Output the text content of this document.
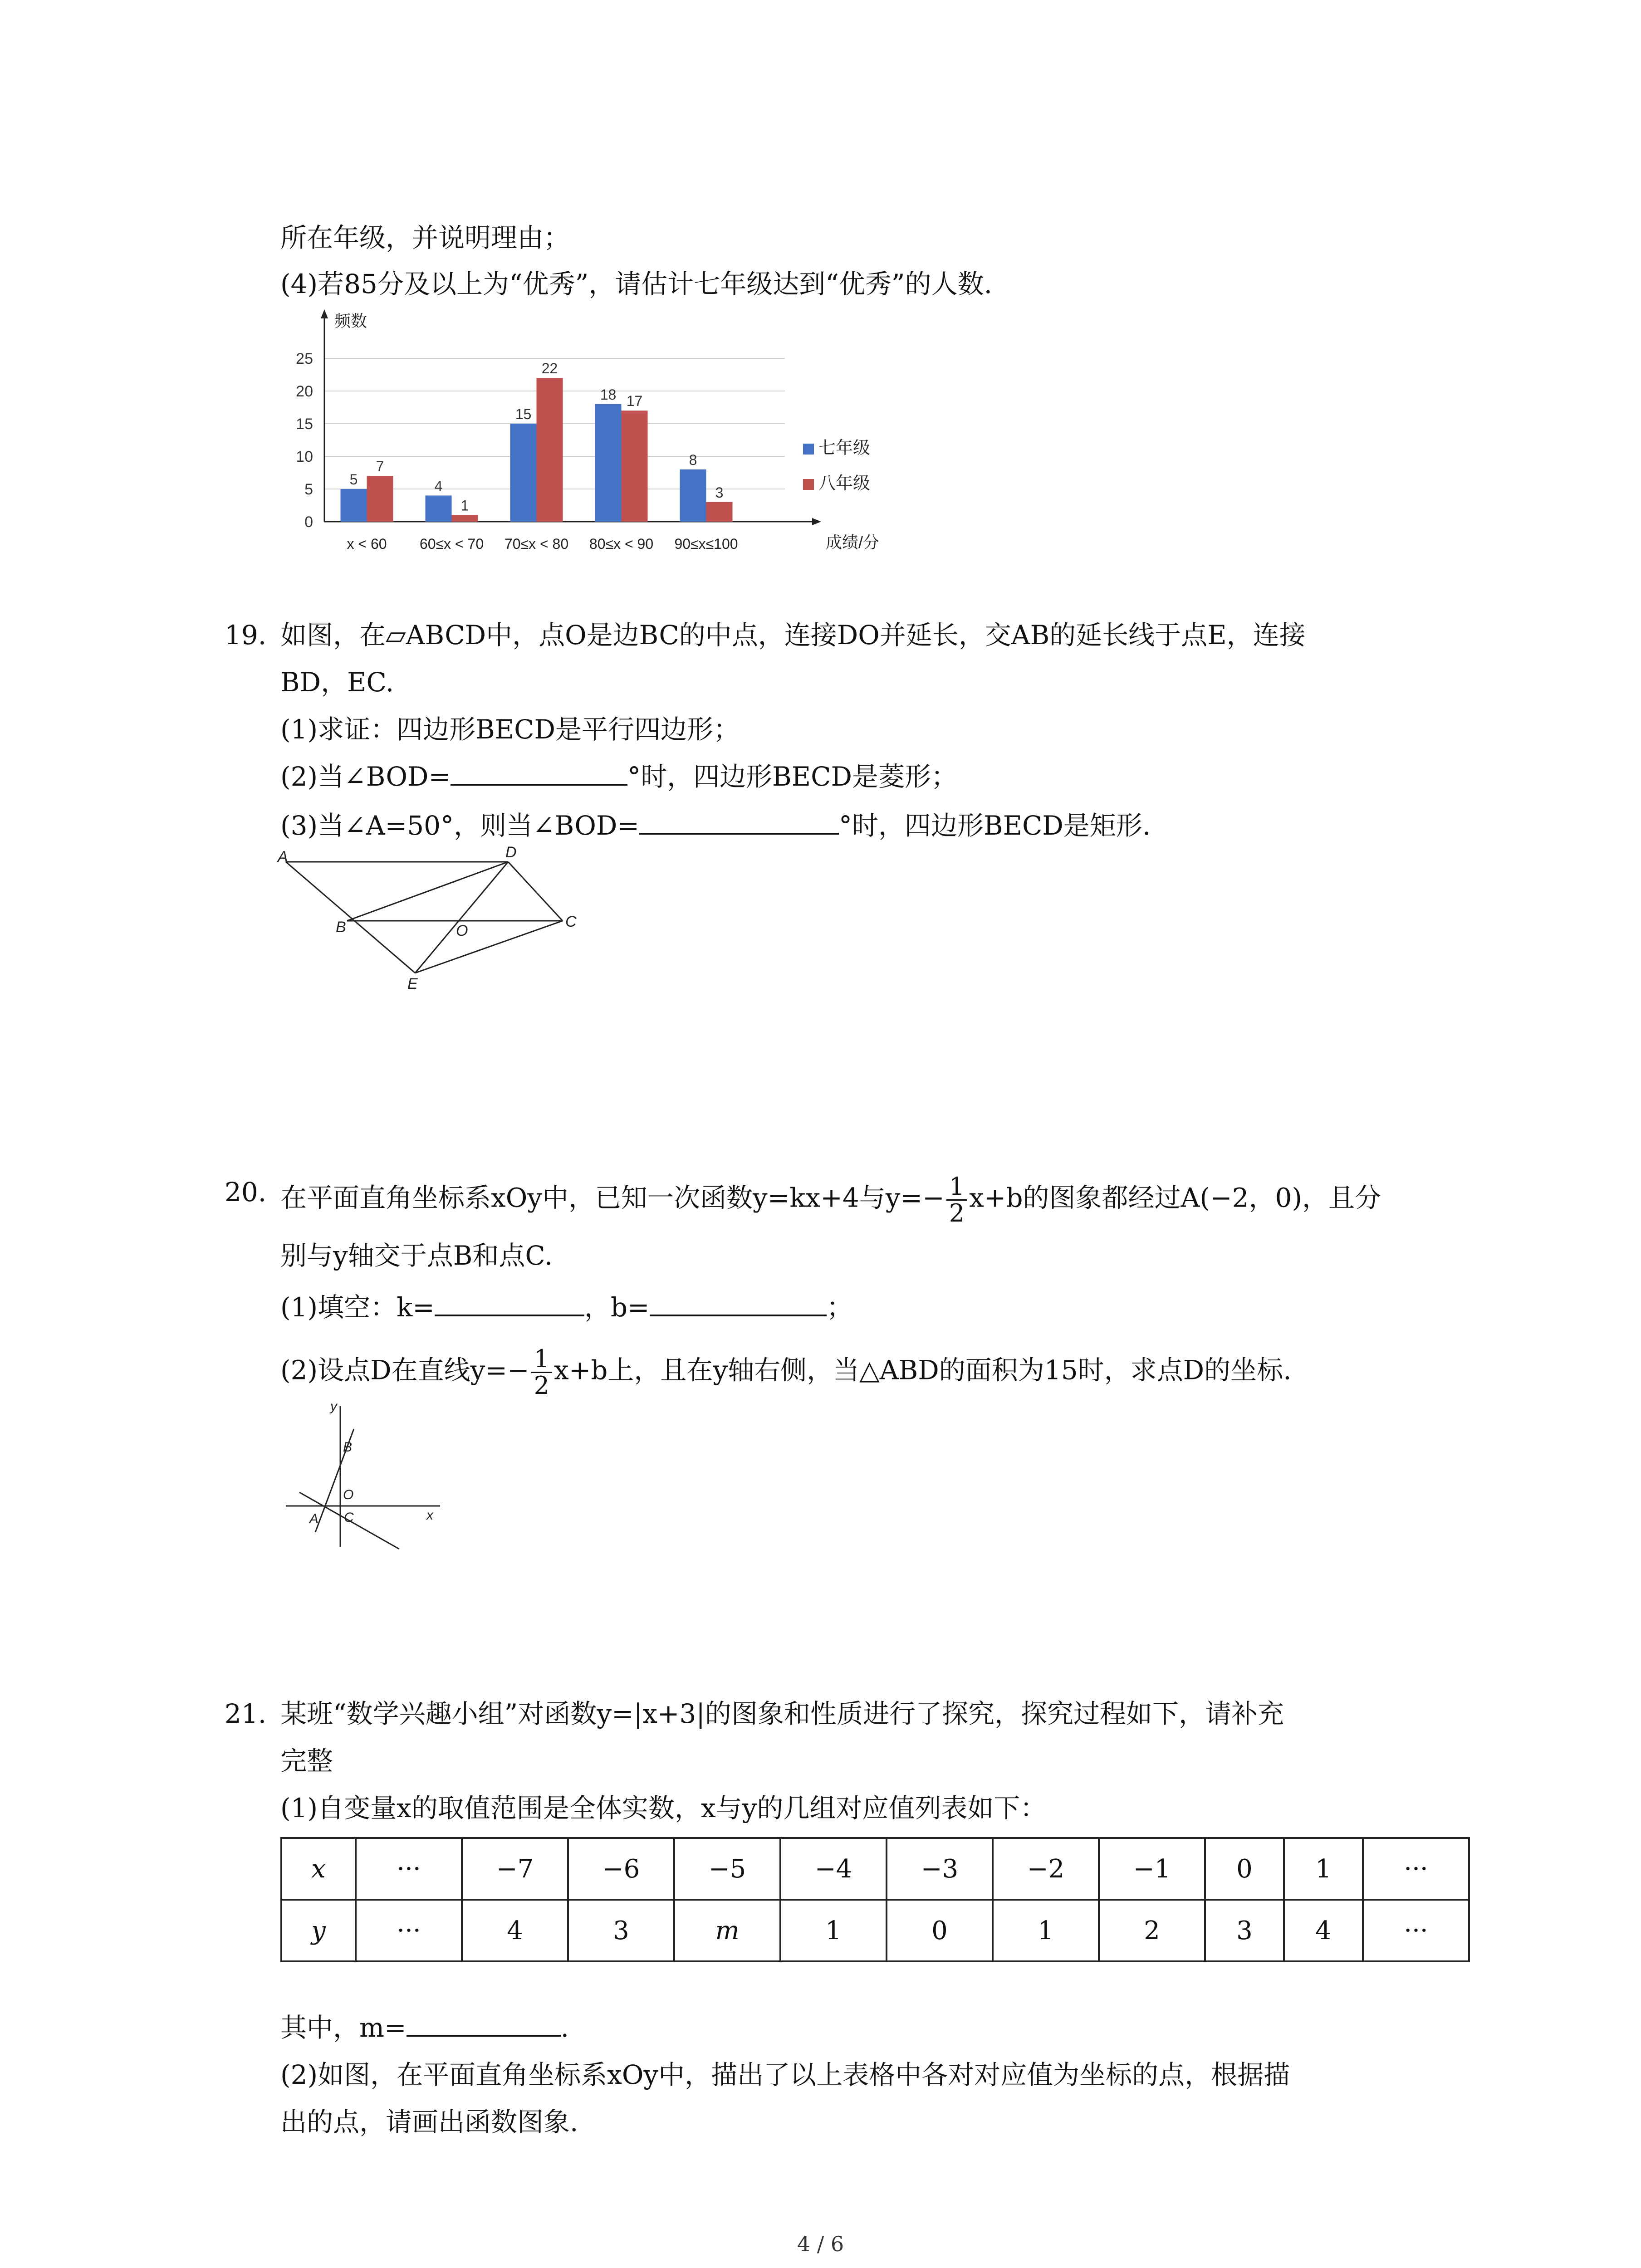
所在年级，并说明理由；
(4)若85分及以上为“优秀”，请估计七年级达到“优秀”的人数.
0
5
10
15
20
25
频数
成绩/分
5
7
x < 60
4
1
60≤x < 70
15
22
70≤x < 80
18 17
80≤x < 90
8
3
90≤x≤100
七年级
八年级
19. 如图，在▱ABCD中，点O是边BC的中点，连接DO并延长，交AB的延长线于点E，连接
BD，EC.
(1)求证：四边形BECD是平行四边形；
(2)当∠BOD=	°时，四边形BECD是菱形；
(3)当∠A=50°，则当∠BOD=	°时，四边形BECD是矩形.
A	D
B	O
C
E
20. 在平面直角坐标系xOy中，已知一次函数y=kx+4与$y=- \frac{1}{2} x+b$的图象都经过A(−2，0)，且分
别与y轴交于点B和点C.
(1)填空：k=	，b=	；
(2)设点D在直线$y=- \frac{1}{2} x+b$上，且在y轴右侧，当△ABD的面积为15时，求点D的坐标.
y
B
O
A C	x
21. 某班“数学兴趣小组”对函数y=|x+3|的图象和性质进行了探究，探究过程如下，请补充
完整
(1)自变量x的取值范围是全体实数，x与y的几组对应值列表如下：
x	···	−7	−6	−5	−4	−3	−2	−1	0	1	···
y	···	4	3	m	1	0	1	2	3	4	···
其中，m=	.
(2)如图，在平面直角坐标系xOy中，描出了以上表格中各对对应值为坐标的点，根据描
出的点，请画出函数图象.
4 / 6
